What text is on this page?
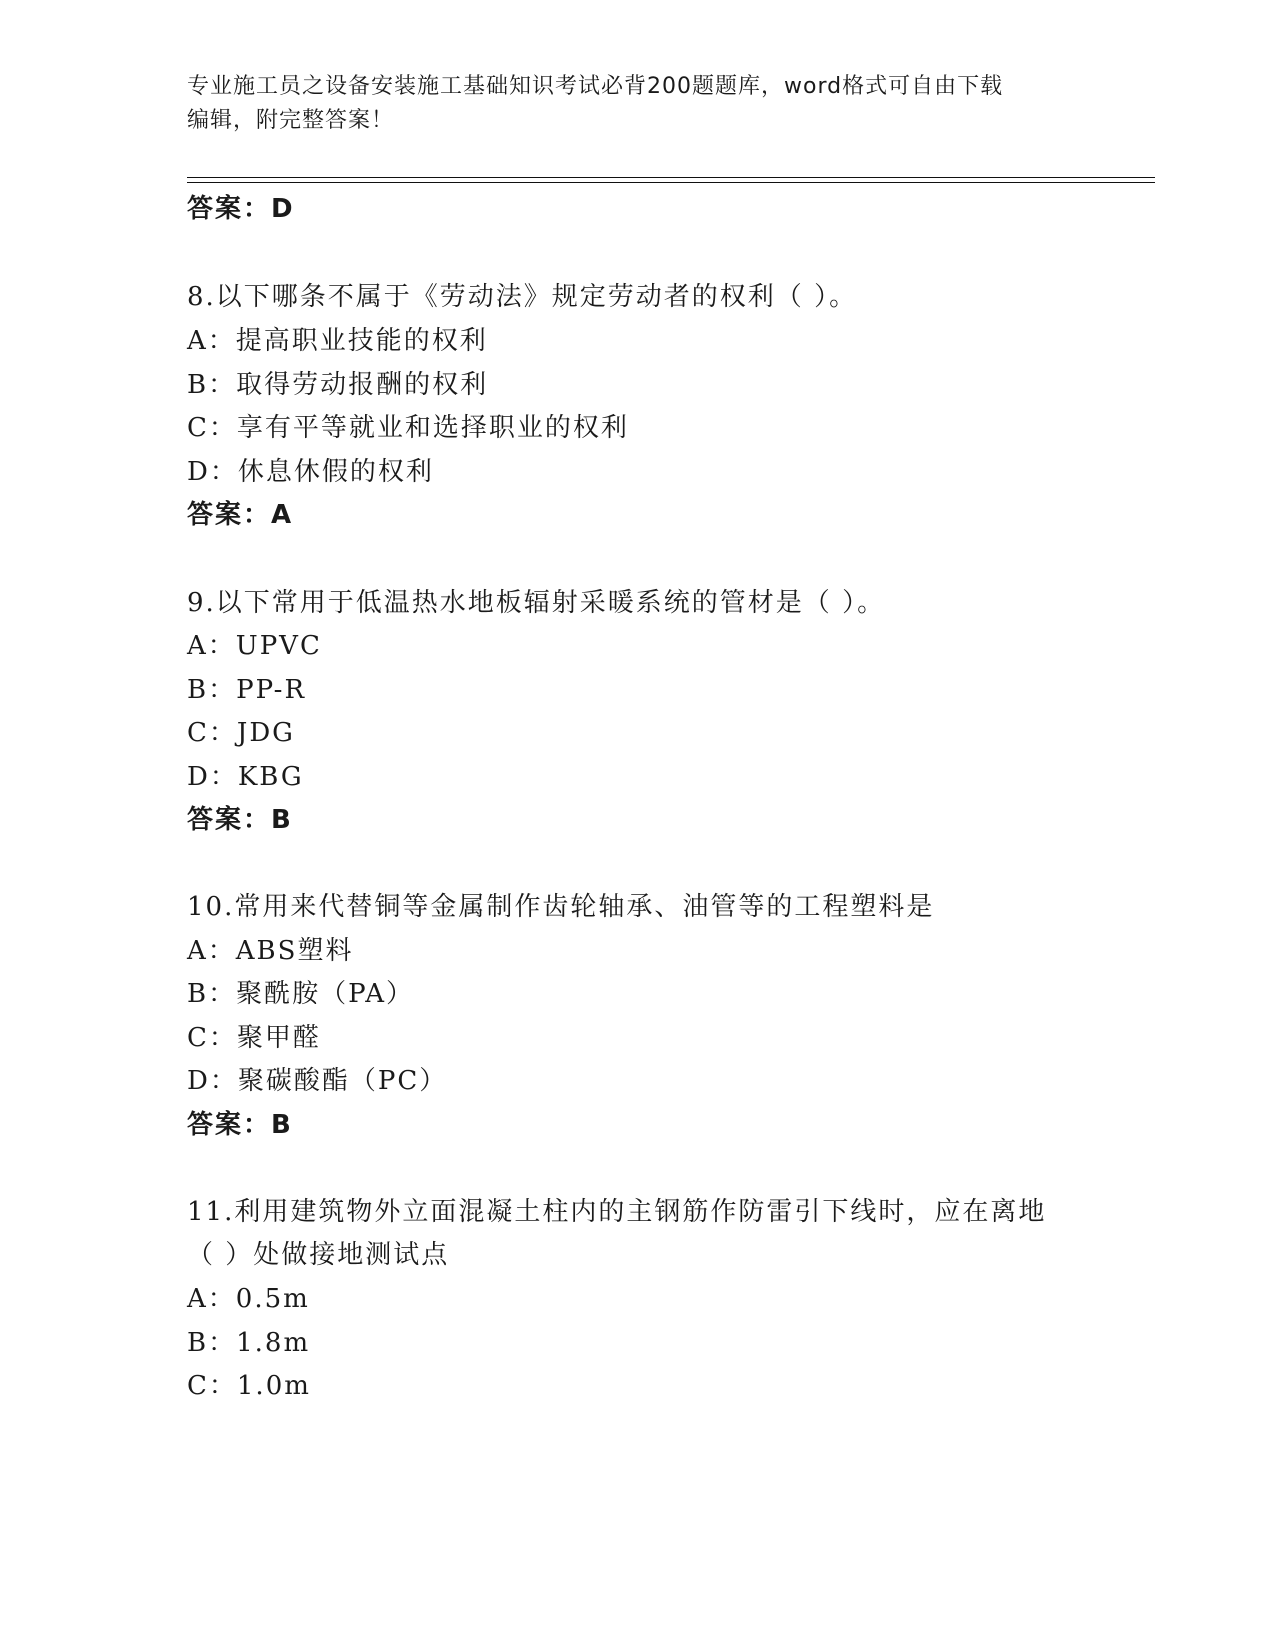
专业施工员之设备安装施工基础知识考试必背200题题库，word格式可自由下载
编辑，附完整答案！
答案：D
8.以下哪条不属于《劳动法》规定劳动者的权利（ ）。
A：提高职业技能的权利
B：取得劳动报酬的权利
C：享有平等就业和选择职业的权利
D：休息休假的权利
答案：A
9.以下常用于低温热水地板辐射采暖系统的管材是（ ）。
A：UPVC
B：PP-R
C：JDG
D：KBG
答案：B
10.常用来代替铜等金属制作齿轮轴承、油管等的工程塑料是
A：ABS塑料
B：聚酰胺（PA）
C：聚甲醛
D：聚碳酸酯（PC）
答案：B
11.利用建筑物外立面混凝土柱内的主钢筋作防雷引下线时，应在离地
（ ）处做接地测试点
A：0.5m
B：1.8m
C：1.0m
